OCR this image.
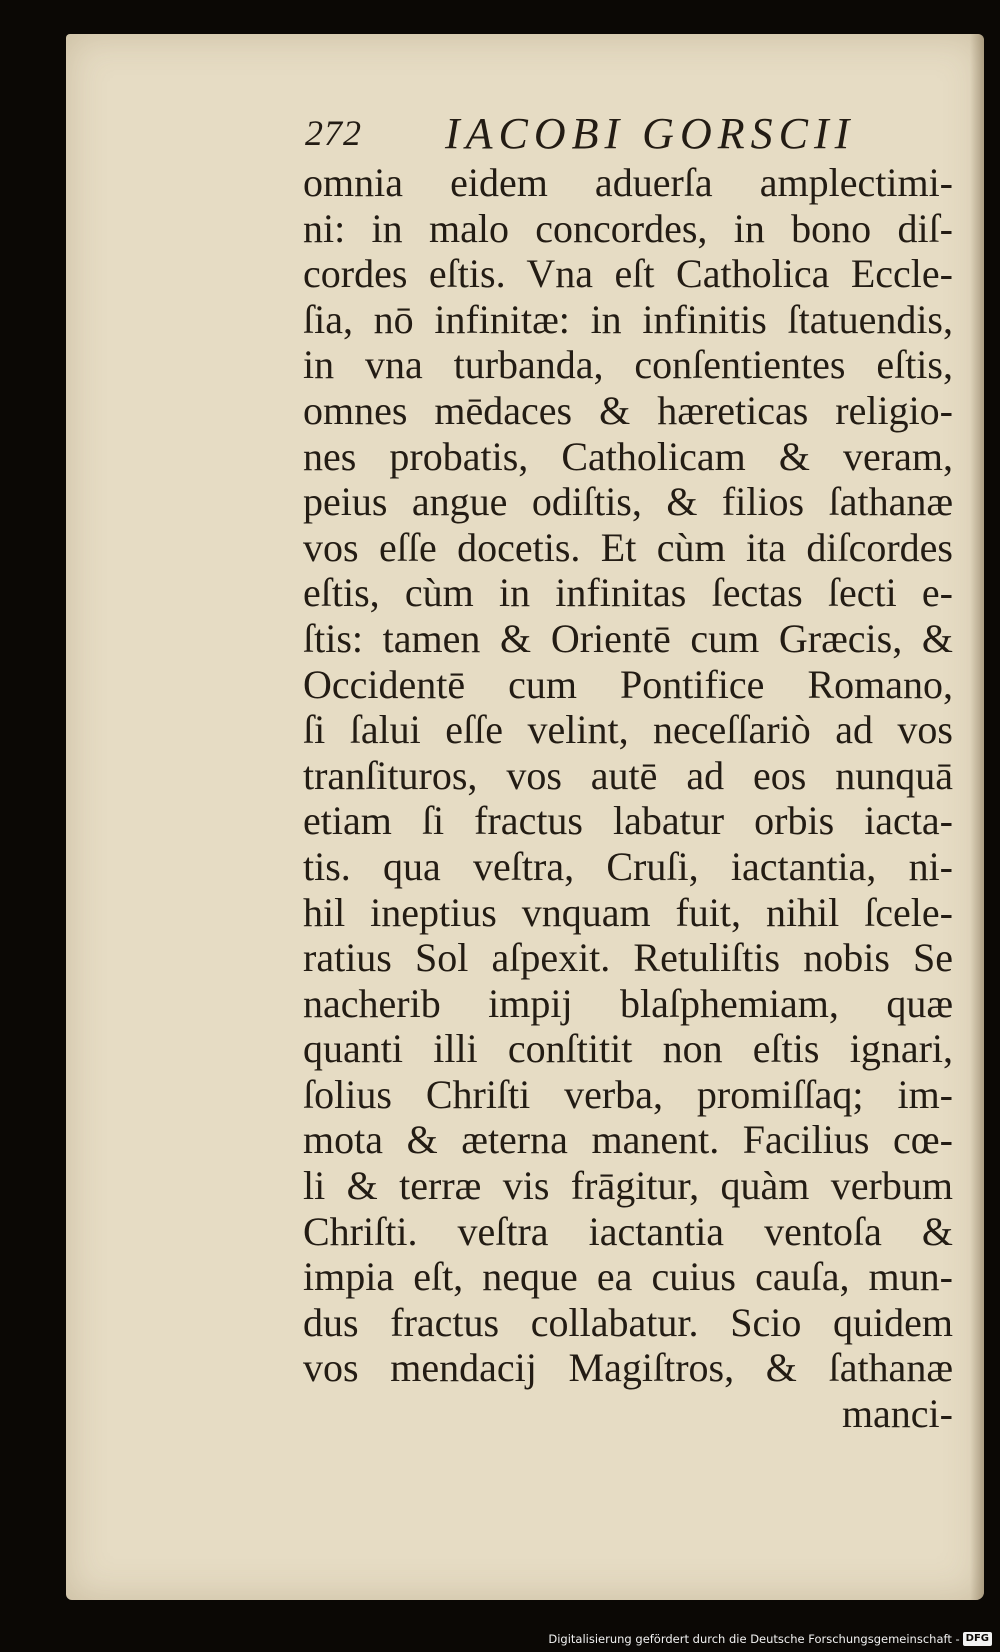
272 IACOBI GORSCII
omnia eidem aduerſa amplectimi-
ni: in malo concordes, in bono diſ-
cordes eſtis. Vna eſt Catholica Eccle-
ſia, nō infinitæ: in infinitis ſtatuendis,
in vna turbanda, conſentientes eſtis,
omnes mēdaces & hæreticas religio-
nes probatis, Catholicam & veram,
peius angue odiſtis, & filios ſathanæ
vos eſſe docetis. Et cùm ita diſcordes
eſtis, cùm in infinitas ſectas ſecti e-
ſtis: tamen & Orientē cum Græcis, &
Occidentē cum Pontifice Romano,
ſi ſalui eſſe velint, neceſſariò ad vos
tranſituros, vos autē ad eos nunquā
etiam ſi fractus labatur orbis iacta-
tis. qua veſtra, Cruſi, iactantia, ni-
hil ineptius vnquam fuit, nihil ſcele-
ratius Sol aſpexit. Retuliſtis nobis Se
nacherib impij blaſphemiam, quæ
quanti illi conſtitit non eſtis ignari,
ſolius Chriſti verba, promiſſaq; im-
mota & æterna manent. Facilius cœ-
li & terræ vis frāgitur, quàm verbum
Chriſti. veſtra iactantia ventoſa &
impia eſt, neque ea cuius cauſa, mun-
dus fractus collabatur. Scio quidem
vos mendacij Magiſtros, & ſathanæ
manci-
Digitalisierung gefördert durch die Deutsche Forschungsgemeinschaft - DFG
